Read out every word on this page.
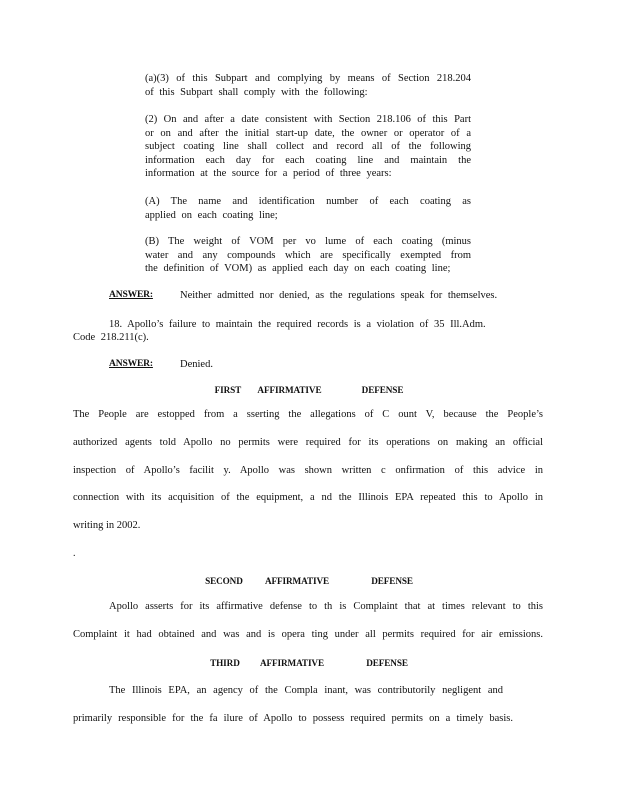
(a)(3) of this Subpart and complying by means of Section 218.204
of this Subpart shall comply with the following:
(2) On and after a date consistent with Section 218.106 of this Part
or on and after the initial start-up date, the owner or operator of a
subject coating line shall collect and record all of the following
information each day for each coating line and maintain the
information at the source for a period of three years:
(A) The name and identification number of each coating as
applied on each coating line;
(B) The weight of VOM per vo lume of each coating (minus
water and any compounds which are specifically exempted from
the definition of VOM) as applied each day on each coating line;
ANSWER:	Neither admitted nor denied, as the regulations speak for themselves.
18. Apollo’s failure to maintain the required records is a violation of 35 Ill.Adm.
Code 218.211(c).
ANSWER:	Denied.
FIRST AFFIRMATIVE	DEFENSE
The People are estopped from a sserting the allegations of C ount V, because the People’s
authorized agents told Apollo no permits were required for its operations on making an official
inspection of Apollo’s facilit y. Apollo was shown written c onfirmation of this advice in
connection with its acquisition of the equipment, a nd the Illinois EPA repeated this to Apollo in
writing in 2002.
.
SECOND AFFIRMATIVE	DEFENSE
Apollo asserts for its affirmative defense to th is Complaint that at times relevant to this
Complaint it had obtained and was and is opera ting under all permits required for air emissions.
THIRD AFFIRMATIVE	DEFENSE
The Illinois EPA, an agency of the Compla inant, was contributorily negligent and
primarily responsible for the fa ilure of Apollo to possess required permits on a timely basis.
